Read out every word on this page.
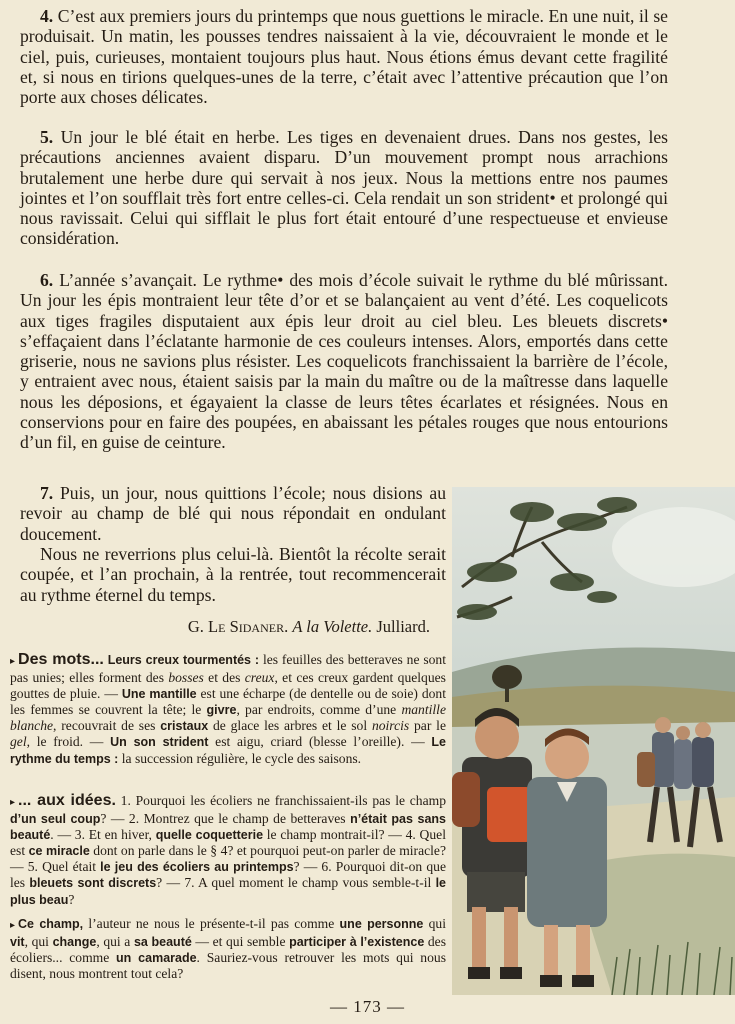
4. C’est aux premiers jours du printemps que nous guettions le miracle. En une nuit, il se produisait. Un matin, les pousses tendres naissaient à la vie, découvraient le monde et le ciel, puis, curieuses, montaient toujours plus haut. Nous étions émus devant cette fragilité et, si nous en tirions quelques-unes de la terre, c’était avec l’attentive précaution que l’on porte aux choses délicates.

5. Un jour le blé était en herbe. Les tiges en devenaient drues. Dans nos gestes, les précautions anciennes avaient disparu. D’un mouvement prompt nous arrachions brutalement une herbe dure qui servait à nos jeux. Nous la mettions entre nos paumes jointes et l’on soufflait très fort entre celles-ci. Cela rendait un son strident• et prolongé qui nous ravissait. Celui qui sifflait le plus fort était entouré d’une respectueuse et envieuse considération.

6. L’année s’avançait. Le rythme• des mois d’école suivait le rythme du blé mûrissant. Un jour les épis montraient leur tête d’or et se balançaient au vent d’été. Les coquelicots aux tiges fragiles disputaient aux épis leur droit au ciel bleu. Les bleuets discrets• s’effaçaient dans l’éclatante harmonie de ces couleurs intenses. Alors, emportés dans cette griserie, nous ne savions plus résister. Les coquelicots franchissaient la barrière de l’école, y entraient avec nous, étaient saisis par la main du maître ou de la maîtresse dans laquelle nous les déposions, et égayaient la classe de leurs têtes écarlates et résignées. Nous en conservions pour en faire des poupées, en abaissant les pétales rouges que nous entourions d’un fil, en guise de ceinture.

7. Puis, un jour, nous quittions l’école; nous disions au revoir au champ de blé qui nous répondait en ondulant doucement.

Nous ne reverrions plus celui-là. Bientôt la récolte serait coupée, et l’an prochain, à la rentrée, tout recommencerait au rythme éternel du temps.

G. Le Sidaner. A la Volette. Julliard.

▸ Des mots... Leurs creux tourmentés : les feuilles des betteraves ne sont pas unies; elles forment des bosses et des creux, et ces creux gardent quelques gouttes de pluie. — Une mantille est une écharpe (de dentelle ou de soie) dont les femmes se couvrent la tête; le givre, par endroits, comme d’une mantille blanche, recouvrait de ses cristaux de glace les arbres et le sol noircis par le gel, le froid. — Un son strident est aigu, criard (blesse l’oreille). — Le rythme du temps : la succession régulière, le cycle des saisons.

▸ ... aux idées. 1. Pourquoi les écoliers ne franchissaient-ils pas le champ d’un seul coup? — 2. Montrez que le champ de betteraves n’était pas sans beauté. — 3. Et en hiver, quelle coquetterie le champ montrait-il? — 4. Quel est ce miracle dont on parle dans le § 4? et pourquoi peut-on parler de miracle? — 5. Quel était le jeu des écoliers au printemps? — 6. Pourquoi dit-on que les bleuets sont discrets? — 7. A quel moment le champ vous semble-t-il le plus beau?

▸ Ce champ, l’auteur ne nous le présente-t-il pas comme une personne qui vit, qui change, qui a sa beauté — et qui semble participer à l’existence des écoliers... comme un camarade. Sauriez-vous retrouver les mots qui nous disent, nous montrent tout cela?

— 173 —
